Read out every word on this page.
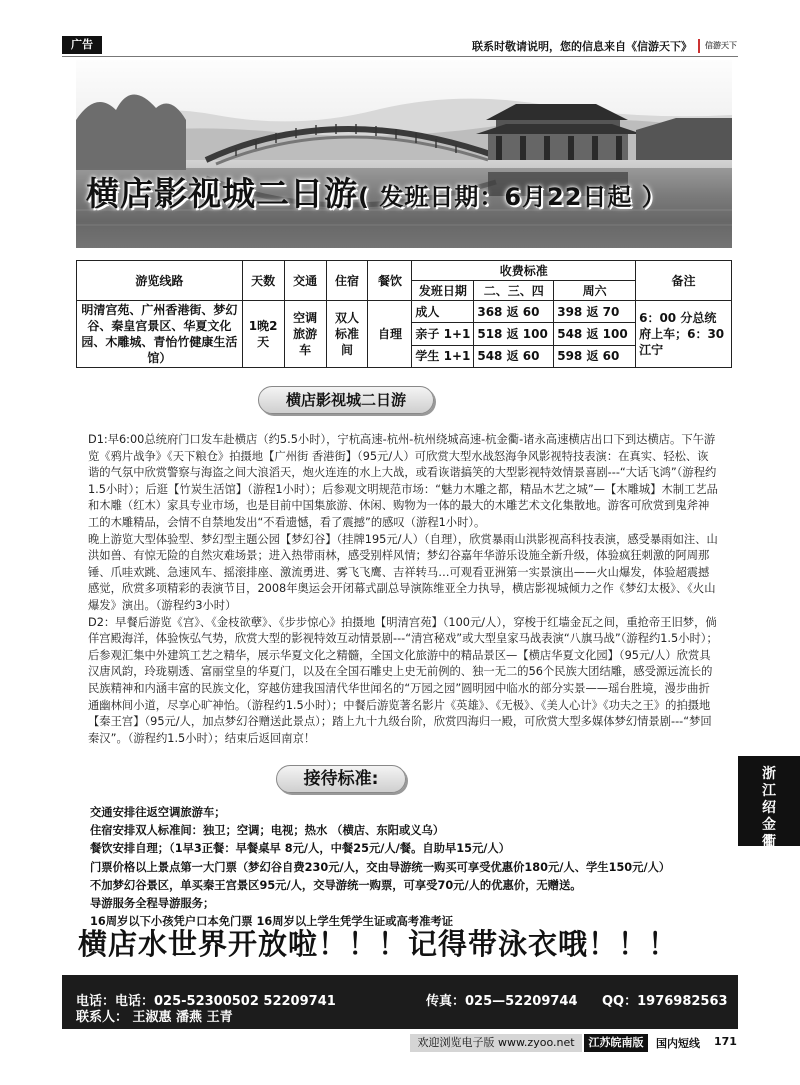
广告	联系时敬请说明，您的信息来自《信游天下》	信游天下
横店影视城二日游( 发班日期：6月22日起 ）
游览线路	天数	交通	住宿	餐饮	收费标准			备注
					发班日期	二、三、四	周六	
明清宫苑、广州香港街、梦幻谷、秦皇宫景区、华夏文化园、木雕城、青怡竹健康生活馆）	1晚2天	空调旅游车	双人标准间	自理	成人	368 返 60	398 返 70	6：00 分总统府上车；6：30 江宁
					亲子 1+1	518 返 100	548 返 100	
					学生 1+1	548 返 60	598 返 60	
横店影视城二日游

D1:早6:00总统府门口发车赴横店（约5.5小时），宁杭高速-杭州-杭州绕城高速-杭金衢-诸永高速横店出口下到达横店。下午游览《鸦片战争》《天下粮仓》拍摄地【广州街 香港街】（95元/人）可欣赏大型水战怒海争风影视特技表演：在真实、轻松、诙谐的气氛中欣赏警察与海盗之间大浪滔天，炮火连连的水上大战，或看诙谐搞笑的大型影视特效情景喜剧---“大话飞鸿”（游程约1.5小时）；后逛【竹炭生活馆】（游程1小时）；后参观文明规范市场：“魅力木雕之都，精品木艺之城”—【木雕城】木制工艺品和木雕（红木）家具专业市场，也是目前中国集旅游、休闲、购物为一体的最大的木雕艺术文化集散地。游客可欣赏到鬼斧神工的木雕精品，会情不自禁地发出“不看遗憾，看了震撼”的感叹（游程1小时）。

晚上游览大型体验型、梦幻型主题公园【梦幻谷】（挂牌195元/人）（自理），欣赏暴雨山洪影视高科技表演，感受暴雨如注、山洪如兽、有惊无险的自然灾难场景；进入热带雨林，感受别样风情；梦幻谷嘉年华游乐设施全新升级，体验疯狂刺激的阿周那锤、爪哇欢跳、急速风车、摇滚排座、激流勇进、雾飞飞鹰、吉祥转马…可观看亚洲第一实景演出——火山爆发，体验超震撼感觉，欣赏多项精彩的表演节目，2008年奥运会开闭幕式副总导演陈维亚全力执导，横店影视城倾力之作《梦幻太极》、《火山爆发》演出。（游程约3小时）

D2：早餐后游览《宫》、《金枝欲孽》、《步步惊心》拍摄地【明清宫苑】（100元/人），穿梭于红墙金瓦之间，重抢帝王旧梦，倘佯宫殿海洋，体验恢弘气势，欣赏大型的影视特效互动情景剧---“清宫秘戏”或大型皇家马战表演“八旗马战”（游程约1.5小时）；后参观汇集中外建筑工艺之精华，展示华夏文化之精髓，全国文化旅游中的精品景区—【横店华夏文化园】（95元/人）欣赏具汉唐风韵，玲珑剔透、富丽堂皇的华夏门，以及在全国石雕史上史无前例的、独一无二的56个民族大团结雕，感受源远流长的民族精神和内涵丰富的民族文化，穿越仿建我国清代华世闻名的“万园之园”圆明园中临水的部分实景——瑶台胜境，漫步曲折通幽林间小道，尽享心旷神怡。（游程约1.5小时）；中餐后游览著名影片《英雄》、《无极》、《美人心计》《功夫之王》的拍摄地【秦王宫】（95元/人，加点梦幻谷赠送此景点）；踏上九十九级台阶，欣赏四海归一殿，可欣赏大型多媒体梦幻情景剧---“梦回秦汉”。（游程约1.5小时）；结束后返回南京！

接待标准:
交通安排往返空调旅游车；
住宿安排双人标准间：独卫；空调；电视；热水 （横店、东阳或义乌）
餐饮安排自理；（1早3正餐：早餐桌早 8元/人，中餐25元/人/餐。自助早15元/人）
门票价格以上景点第一大门票（梦幻谷自费230元/人，交由导游统一购买可享受优惠价180元/人、学生150元/人）
不加梦幻谷景区，单买秦王宫景区95元/人，交导游统一购票，可享受70元/人的优惠价，无赠送。
导游服务全程导游服务；
16周岁以下小孩凭户口本免门票 16周岁以上学生凭学生证或高考准考证
横店水世界开放啦！！！记得带泳衣哦！！！
电话：电话：025-52300502 52209741	传真：025—52209744 QQ：1976982563
联系人： 王淑惠 潘燕 王青
浙
江
绍
金
衢
欢迎浏览电子版 www.zyoo.net	江苏皖南版	国内短线 171
